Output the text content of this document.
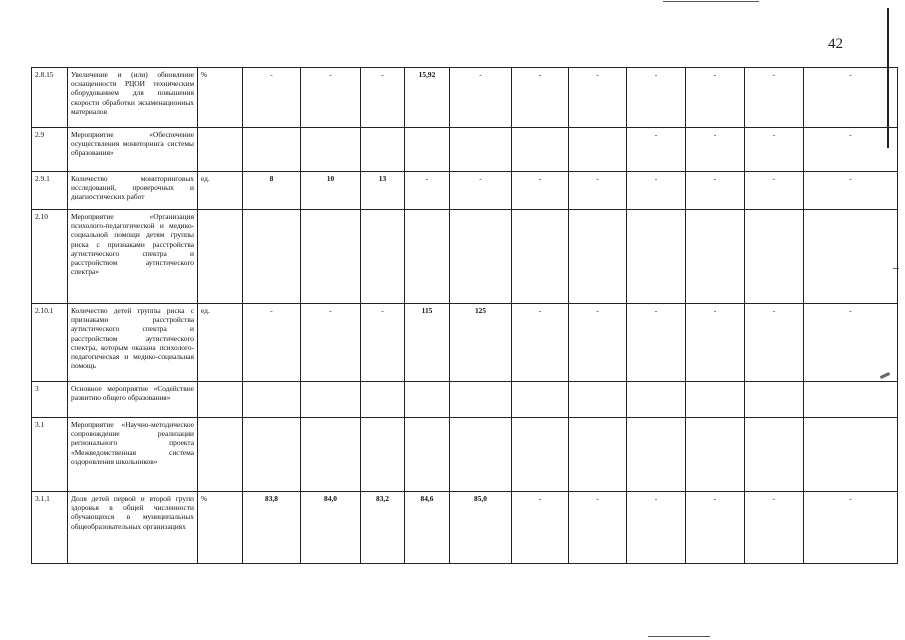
42
2.8.15	Увеличение и (или) обновление оснащенности РЦОИ техническим оборудованием для повышения скорости обработки экзаменационных материалов	%	-	-	-	15,92	-	-	-	-	-	-	-
2.9	Мероприятие «Обеспечение осуществления мониторинга системы образования»									-	-	-	-
2.9.1	Количество мониторинговых исследований, проверочных и диагностических работ	ед.	8	10	13	-	-	-	-	-	-	-	-
2.10	Мероприятие «Организация психолого-педагогической и медико-социальной помощи детям группы риска с признаками расстройства аутистического спектра и расстройством аутистического спектра»												
2.10.1	Количество детей группы риска с признаками расстройства аутистического спектра и расстройством аутистического спектра, которым оказана психолого-педагогическая и медико-социальная помощь	ед.	-	-	-	115	125	-	-	-	-	-	-
3	Основное мероприятие «Содействие развитию общего образования»												
3.1	Мероприятие «Научно-методическое сопровождение реализации регионального проекта «Межведомственная система оздоровления школьников»												
3.1.1	Доля детей первой и второй групп здоровья в общей численности обучающихся в муниципальных общеобразовательных организациях	%	83,8	84,0	83,2	84,6	85,0	-	-	-	-	-	-
